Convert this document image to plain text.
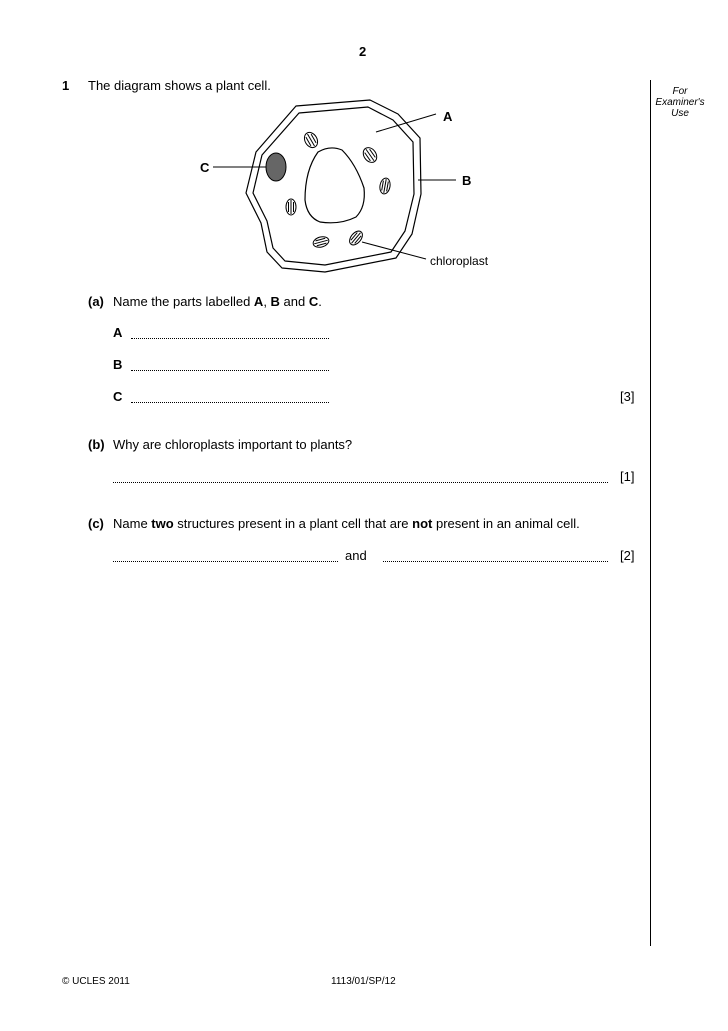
2
For Examiner's Use
1 The diagram shows a plant cell.
A
B
C
chloroplast
(a) Name the parts labelled A, B and C.
A
B
C	[3]
(b) Why are chloroplasts important to plants?
[1]
(c) Name two structures present in a plant cell that are not present in an animal cell.
and	[2]
© UCLES 2011	1113/01/SP/12
